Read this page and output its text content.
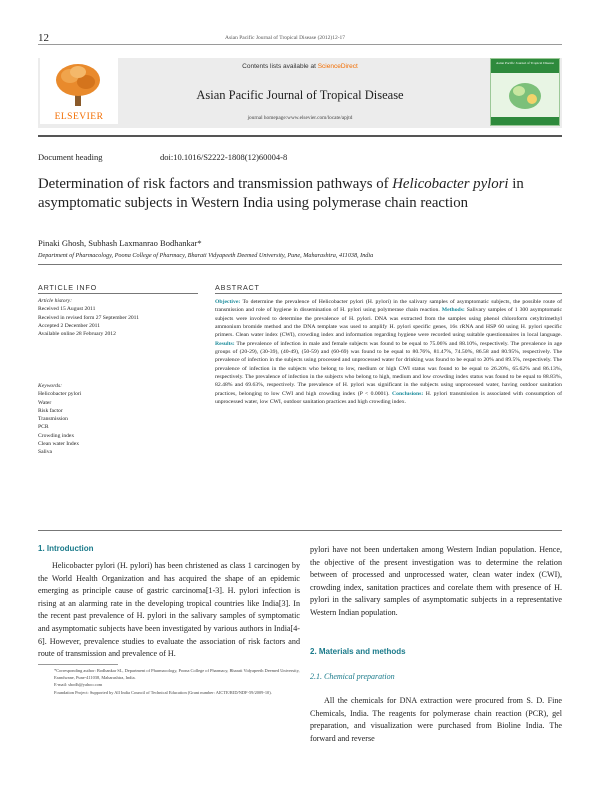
12	Asian Pacific Journal of Tropical Disease (2012)12-17
ELSEVIER
Contents lists available at ScienceDirect
Asian Pacific Journal of Tropical Disease
journal homepage:www.elsevier.com/locate/apjtd
Asian Pacific Journal of Tropical Disease
Document heading	doi:10.1016/S2222-1808(12)60004-8
Determination of risk factors and transmission pathways of Helicobacter pylori in asymptomatic subjects in Western India using polymerase chain reaction
Pinaki Ghosh, Subhash Laxmanrao Bodhankar*
Department of Pharmacology, Poona College of Pharmacy, Bharati Vidyapeeth Deemed University, Pune, Maharashtra, 411038, India
ARTICLE INFO	ABSTRACT
Article history:
Received 15 August 2011
Received in revised form 27 September 2011
Accepted 2 December 2011
Available online 28 February 2012
Keywords:
Helicobacter pylori
Water
Risk factor
Transmission
PCR
Crowding index
Clean water Index
Saliva
Objective: To determine the prevalence of Helicobacter pylori (H. pylori) in the salivary samples of asymptomatic subjects, the possible route of transmission and role of hygiene in dissemination of H. pylori using polymerase chain reaction. Methods: Salivary samples of 1 300 asymptomatic subjects were involved to determine the prevalence of H. pylori. DNA was extracted from the samples using phenol chloroform cetyltrimethyl ammonium bromide method and the DNA template was used to amplify H. pylori specific genes, 16s rRNA and HSP 60 using H. pylori specific primers. Clean water index (CWI), crowding index and information regarding hygiene were recorded using suitable questionnaires in local language. Results: The prevalence of infection in male and female subjects was found to be equal to 75.06% and 88.10%, respectively. The prevalence in age groups of (20-29), (30-39), (40-49), (50-59) and (60-69) was found to be equal to 80.76%, 81.47%, 74.50%, 86.58 and 80.95%, respectively. The prevalence of infection in the subjects using processed and unprocessed water for drinking was found to be equal to 20% and 89.5%, respectively. The prevalence of infection in the subjects who belong to low, medium or high CWI status was found to be equal to 26.20%, 65.62% and 86.13%, respectively. The prevalence of infection in the subjects who belong to high, medium and low crowding index status was found to be equal to 88.83%, 82.48% and 69.63%, respectively. The prevalence of H. pylori was significant in the subjects using unprocessed water, having outdoor sanitation practices, belonging to low CWI and high crowding index (P < 0.0001). Conclusions: H. pylori transmission is associated with consumption of unprocessed water, low CWI, outdoor sanitation practices and high crowding index.
1. Introduction

Helicobacter pylori (H. pylori) has been christened as class 1 carcinogen by the World Health Organization and has acquired the shape of an epidemic emerging as principle cause of gastric carcinoma[1-3]. H. pylori infection is rising at an alarming rate in the developing tropical countries like India[3]. In the recent past prevalence of H. pylori in the salivary samples of symptomatic and asymptomatic subjects have been investigated by various authors in India[4-6]. However, prevalence studies to evaluate the association of risk factors and route of transmission and prevalence of H.

pylori have not been undertaken among Western Indian population. Hence, the objective of the present investigation was to determine the relation between of processed and unprocessed water, clean water index (CWI), crowding index, sanitation practices and corelate them with presence of H. pylori in the salivary samples of asymptomatic subjects in a representative Western Indian population.

2. Materials and methods
2.1. Chemical preparation

All the chemicals for DNA extraction were procured from S. D. Fine Chemicals, India. The reagents for polymerase chain reaction (PCR), gel preparation, and visualization were purchased from Bioline India. The forward and reverse

*Corresponding author: Bodhankar SL, Department of Pharmacology, Poona College of Pharmacy, Bharati Vidyapeeth Deemed University, Erandwane, Pune-411038, Maharashtra, India.
E-mail: sbodh@yahoo.com
Foundation Project: Supported by All India Council of Technical Education (Grant number: AICTE/RID/NDF-59/2009-10).
